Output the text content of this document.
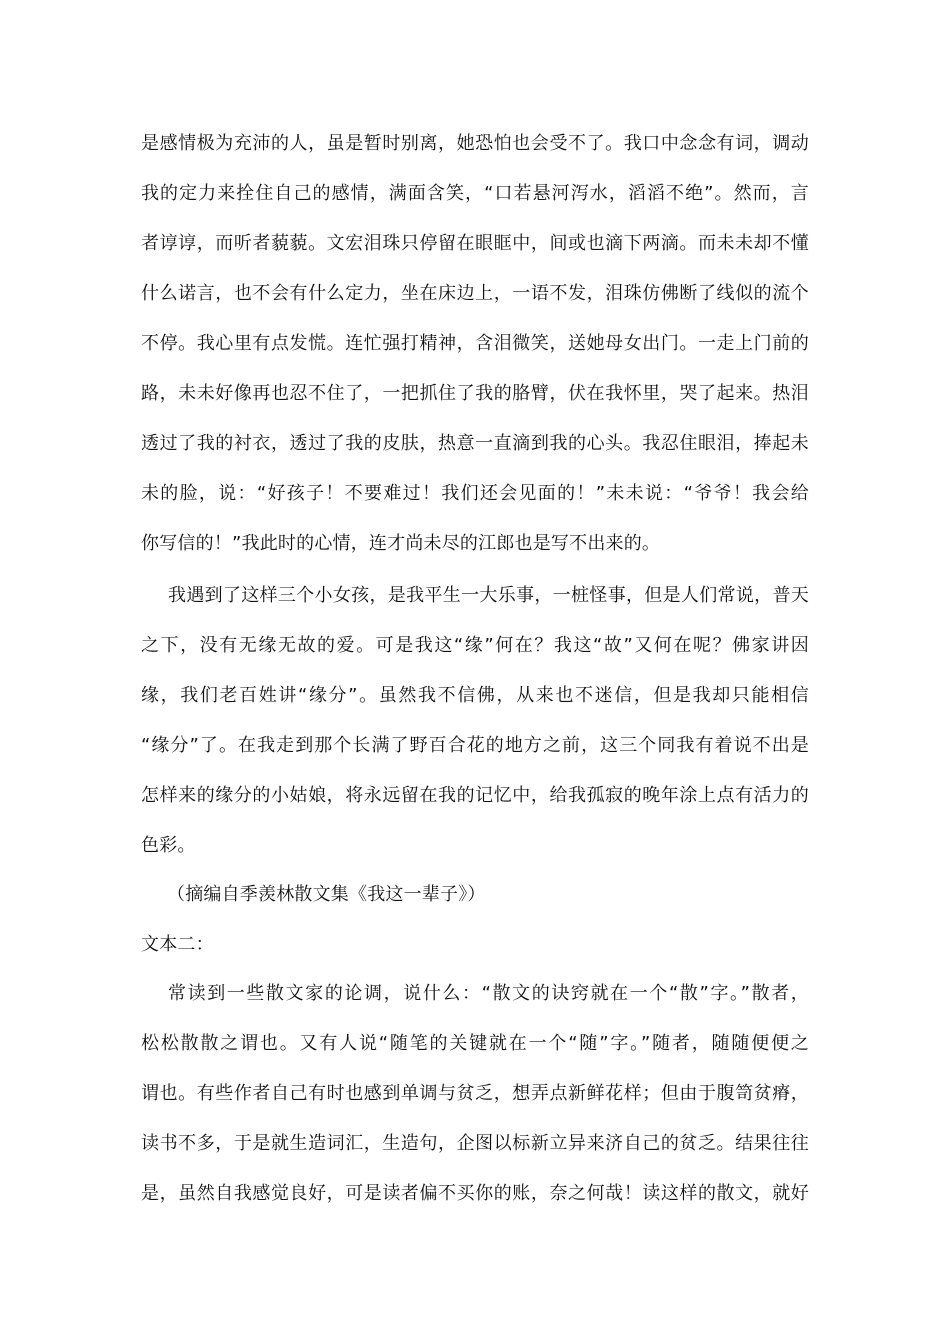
是感情极为充沛的人，虽是暂时别离，她恐怕也会受不了。我口中念念有词，调动
我的定力来拴住自己的感情，满面含笑，“口若悬河泻水，滔滔不绝”。然而，言
者谆谆，而听者藐藐。文宏泪珠只停留在眼眶中，间或也滴下两滴。而未未却不懂
什么诺言，也不会有什么定力，坐在床边上，一语不发，泪珠仿佛断了线似的流个
不停。我心里有点发慌。连忙强打精神，含泪微笑，送她母女出门。一走上门前的
路，未未好像再也忍不住了，一把抓住了我的胳臂，伏在我怀里，哭了起来。热泪
透过了我的衬衣，透过了我的皮肤，热意一直滴到我的心头。我忍住眼泪，捧起未
未的脸，说：“好孩子！不要难过！我们还会见面的！”未未说：“爷爷！我会给
你写信的！”我此时的心情，连才尚未尽的江郎也是写不出来的。
我遇到了这样三个小女孩，是我平生一大乐事，一桩怪事，但是人们常说，普天
之下，没有无缘无故的爱。可是我这“缘”何在？我这“故”又何在呢？佛家讲因
缘，我们老百姓讲“缘分”。虽然我不信佛，从来也不迷信，但是我却只能相信
“缘分”了。在我走到那个长满了野百合花的地方之前，这三个同我有着说不出是
怎样来的缘分的小姑娘，将永远留在我的记忆中，给我孤寂的晚年涂上点有活力的
色彩。
（摘编自季羡林散文集《我这一辈子》）
文本二：
常读到一些散文家的论调，说什么：“散文的诀窍就在一个“散”字。”散者，
松松散散之谓也。又有人说“随笔的关键就在一个“随”字。”随者，随随便便之
谓也。有些作者自己有时也感到单调与贫乏，想弄点新鲜花样；但由于腹笥贫瘠，
读书不多，于是就生造词汇，生造句，企图以标新立异来济自己的贫乏。结果往往
是，虽然自我感觉良好，可是读者偏不买你的账，奈之何哉！读这样的散文，就好
